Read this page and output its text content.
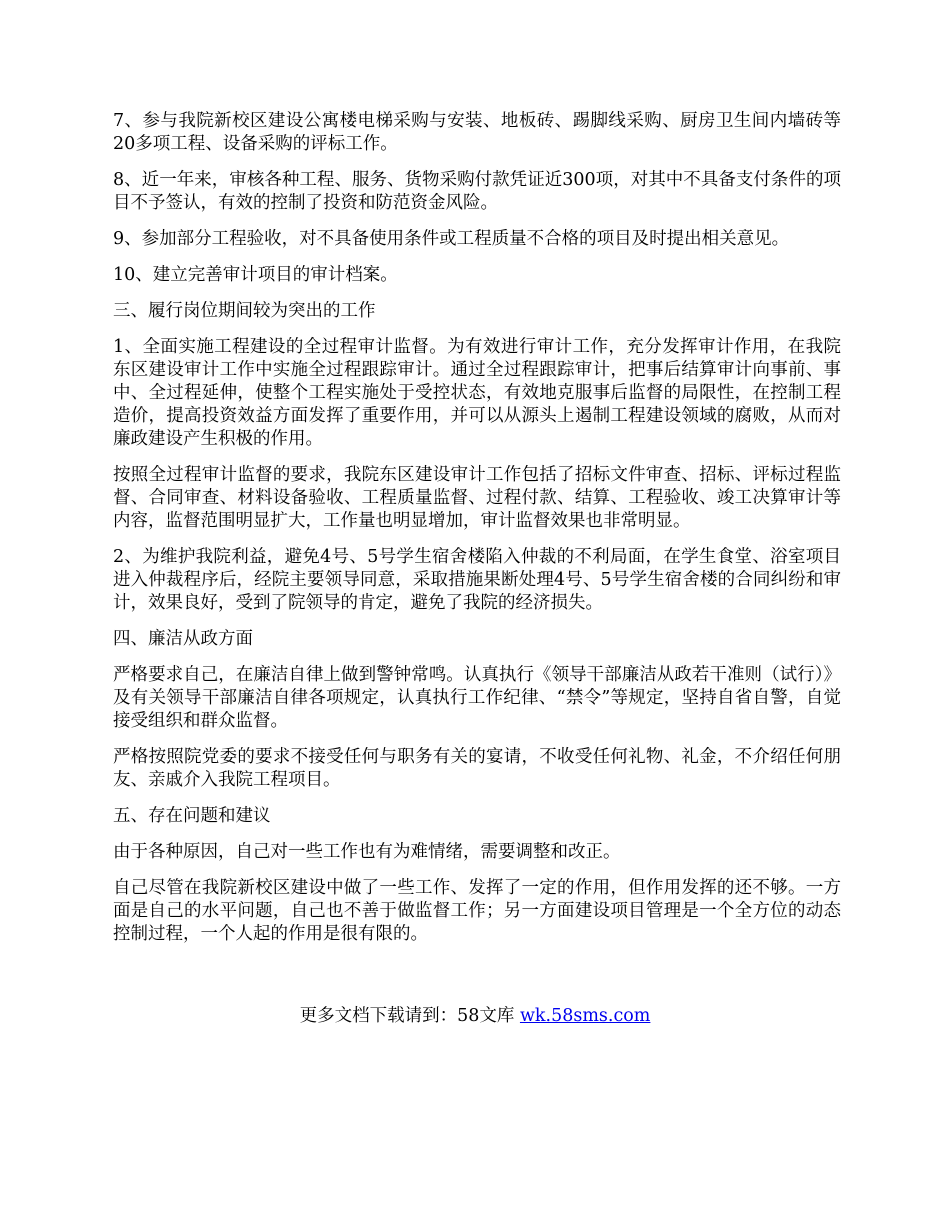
7、参与我院新校区建设公寓楼电梯采购与安装、地板砖、踢脚线采购、厨房卫生间内墙砖等20多项工程、设备采购的评标工作。

8、近一年来，审核各种工程、服务、货物采购付款凭证近300项，对其中不具备支付条件的项目不予签认，有效的控制了投资和防范资金风险。

9、参加部分工程验收，对不具备使用条件或工程质量不合格的项目及时提出相关意见。

10、建立完善审计项目的审计档案。

三、履行岗位期间较为突出的工作

1、全面实施工程建设的全过程审计监督。为有效进行审计工作，充分发挥审计作用，在我院东区建设审计工作中实施全过程跟踪审计。通过全过程跟踪审计，把事后结算审计向事前、事中、全过程延伸，使整个工程实施处于受控状态，有效地克服事后监督的局限性，在控制工程造价，提高投资效益方面发挥了重要作用，并可以从源头上遏制工程建设领域的腐败，从而对廉政建设产生积极的作用。

按照全过程审计监督的要求，我院东区建设审计工作包括了招标文件审查、招标、评标过程监督、合同审查、材料设备验收、工程质量监督、过程付款、结算、工程验收、竣工决算审计等内容，监督范围明显扩大，工作量也明显增加，审计监督效果也非常明显。

2、为维护我院利益，避免4号、5号学生宿舍楼陷入仲裁的不利局面，在学生食堂、浴室项目进入仲裁程序后，经院主要领导同意，采取措施果断处理4号、5号学生宿舍楼的合同纠纷和审计，效果良好，受到了院领导的肯定，避免了我院的经济损失。

四、廉洁从政方面

严格要求自己，在廉洁自律上做到警钟常鸣。认真执行《领导干部廉洁从政若干准则（试行）》及有关领导干部廉洁自律各项规定，认真执行工作纪律、“禁令”等规定，坚持自省自警，自觉接受组织和群众监督。

严格按照院党委的要求不接受任何与职务有关的宴请，不收受任何礼物、礼金，不介绍任何朋友、亲戚介入我院工程项目。

五、存在问题和建议

由于各种原因，自己对一些工作也有为难情绪，需要调整和改正。

自己尽管在我院新校区建设中做了一些工作、发挥了一定的作用，但作用发挥的还不够。一方面是自己的水平问题，自己也不善于做监督工作；另一方面建设项目管理是一个全方位的动态控制过程，一个人起的作用是很有限的。

更多文档下载请到：58文库 wk.58sms.com
